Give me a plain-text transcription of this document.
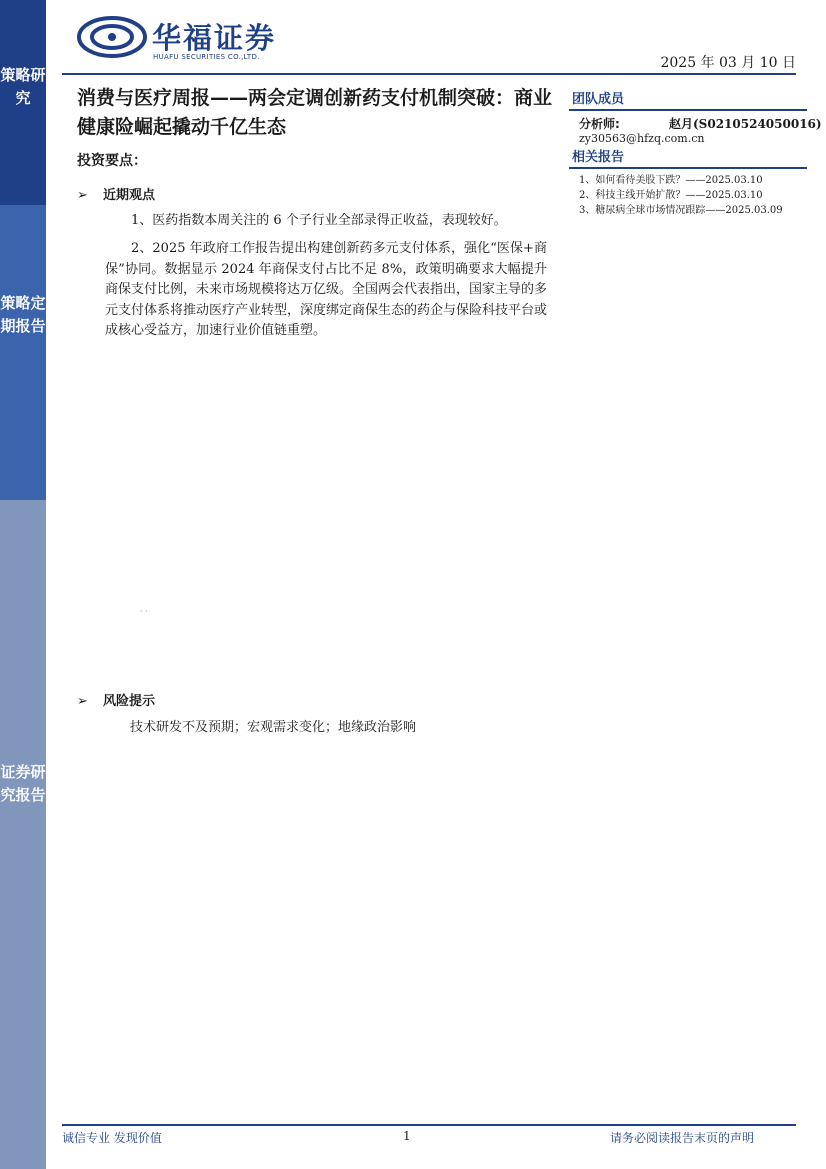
策略研究
策略定期报告
证券研究报告
华福证券
HUAFU SECURITIES CO.,LTD.	2025 年 03 月 10 日
消费与医疗周报——两会定调创新药支付机制突破：商业健康险崛起撬动千亿生态
投资要点：
➢ 近期观点
1、医药指数本周关注的 6 个子行业全部录得正收益，表现较好。
2、2025 年政府工作报告提出构建创新药多元支付体系，强化“医保+商保”协同。数据显示 2024 年商保支付占比不足 8%，政策明确要求大幅提升商保支付比例，未来市场规模将达万亿级。全国两会代表指出，国家主导的多元支付体系将推动医疗产业转型，深度绑定商保生态的药企与保险科技平台或成核心受益方，加速行业价值链重塑。
· ·
➢ 风险提示
技术研发不及预期；宏观需求变化；地缘政治影响
团队成员
分析师:	赵月(S0210524050016)
zy30563@hfzq.com.cn
相关报告
1、如何看待美股下跌？——2025.03.10
2、科技主线开始扩散？——2025.03.10
3、糖尿病全球市场情况跟踪——2025.03.09
诚信专业 发现价值	1	请务必阅读报告末页的声明
